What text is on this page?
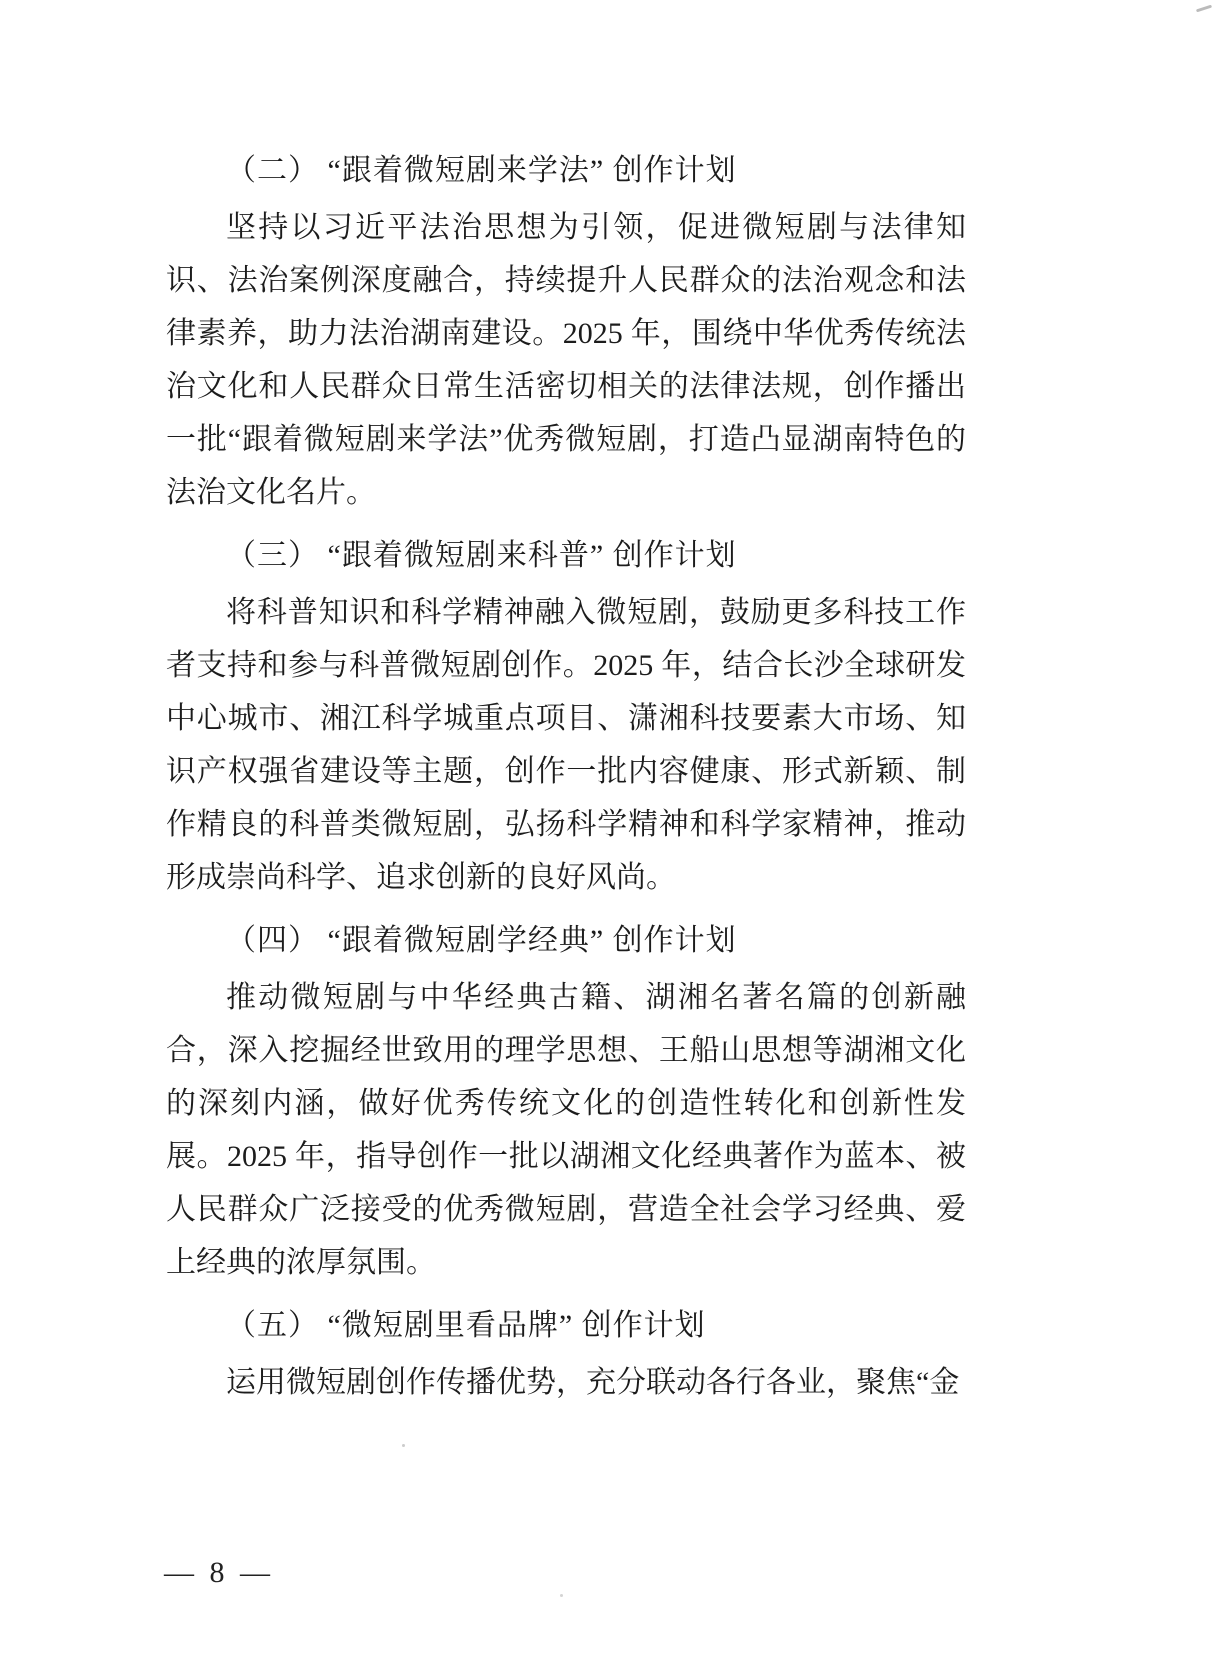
（二） “跟着微短剧来学法” 创作计划

坚持以习近平法治思想为引领，促进微短剧与法律知识、法治案例深度融合，持续提升人民群众的法治观念和法律素养，助力法治湖南建设。2025 年，围绕中华优秀传统法治文化和人民群众日常生活密切相关的法律法规，创作播出一批“跟着微短剧来学法”优秀微短剧，打造凸显湖南特色的法治文化名片。

（三） “跟着微短剧来科普” 创作计划

将科普知识和科学精神融入微短剧，鼓励更多科技工作者支持和参与科普微短剧创作。2025 年，结合长沙全球研发中心城市、湘江科学城重点项目、潇湘科技要素大市场、知识产权强省建设等主题，创作一批内容健康、形式新颖、制作精良的科普类微短剧，弘扬科学精神和科学家精神，推动形成崇尚科学、追求创新的良好风尚。

（四） “跟着微短剧学经典” 创作计划

推动微短剧与中华经典古籍、湖湘名著名篇的创新融合，深入挖掘经世致用的理学思想、王船山思想等湖湘文化的深刻内涵，做好优秀传统文化的创造性转化和创新性发展。2025 年，指导创作一批以湖湘文化经典著作为蓝本、被人民群众广泛接受的优秀微短剧，营造全社会学习经典、爱上经典的浓厚氛围。

（五） “微短剧里看品牌” 创作计划

运用微短剧创作传播优势，充分联动各行各业，聚焦“金

— 8 —
